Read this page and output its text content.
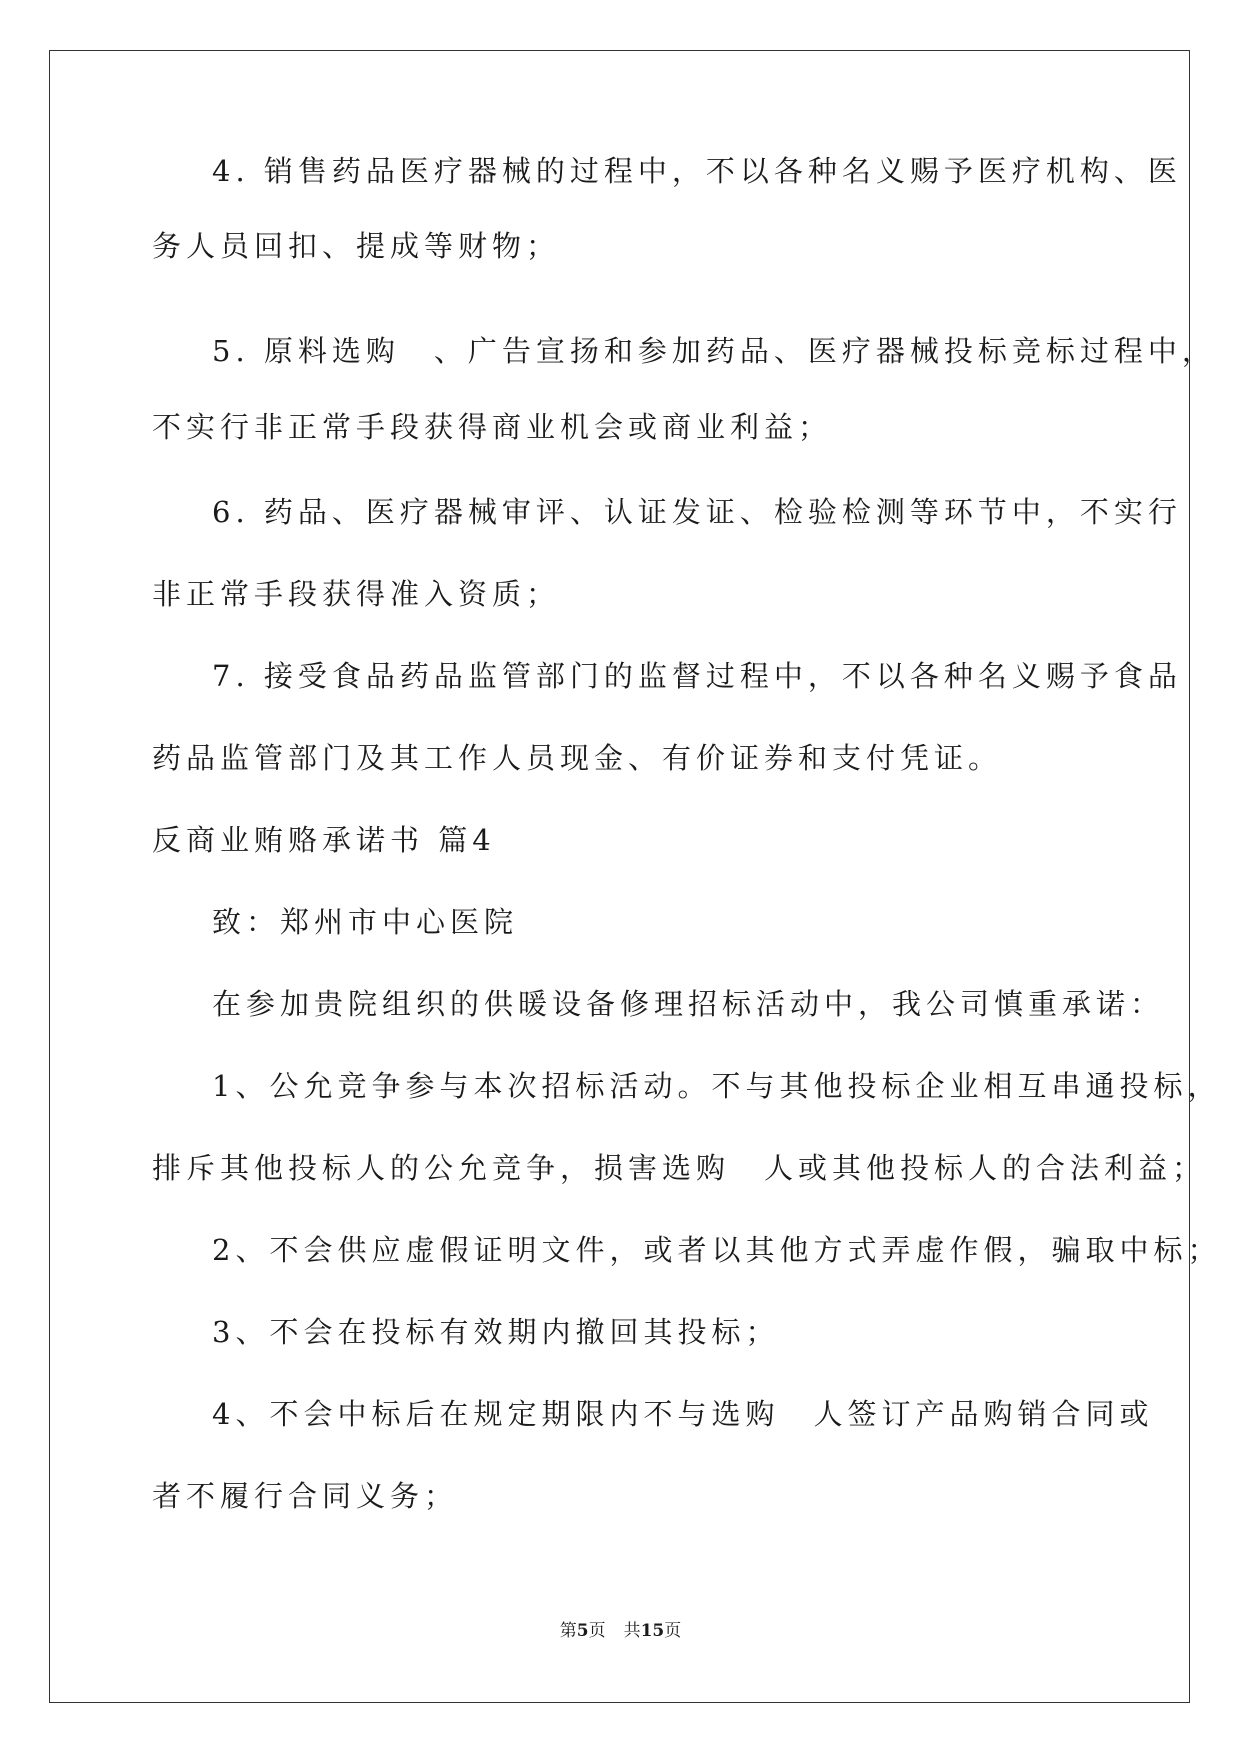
4. 销售药品医疗器械的过程中，不以各种名义赐予医疗机构、医
务人员回扣、提成等财物；
5. 原料选购　、广告宣扬和参加药品、医疗器械投标竞标过程中，
不实行非正常手段获得商业机会或商业利益；
6. 药品、医疗器械审评、认证发证、检验检测等环节中，不实行
非正常手段获得准入资质；
7. 接受食品药品监管部门的监督过程中，不以各种名义赐予食品
药品监管部门及其工作人员现金、有价证券和支付凭证。
反商业贿赂承诺书 篇4
致：郑州市中心医院
在参加贵院组织的供暖设备修理招标活动中，我公司慎重承诺：
1、公允竞争参与本次招标活动。不与其他投标企业相互串通投标，
排斥其他投标人的公允竞争，损害选购　人或其他投标人的合法利益；
2、不会供应虚假证明文件，或者以其他方式弄虚作假，骗取中标；
3、不会在投标有效期内撤回其投标；
4、不会中标后在规定期限内不与选购　人签订产品购销合同或
者不履行合同义务；
第5页 共15页
